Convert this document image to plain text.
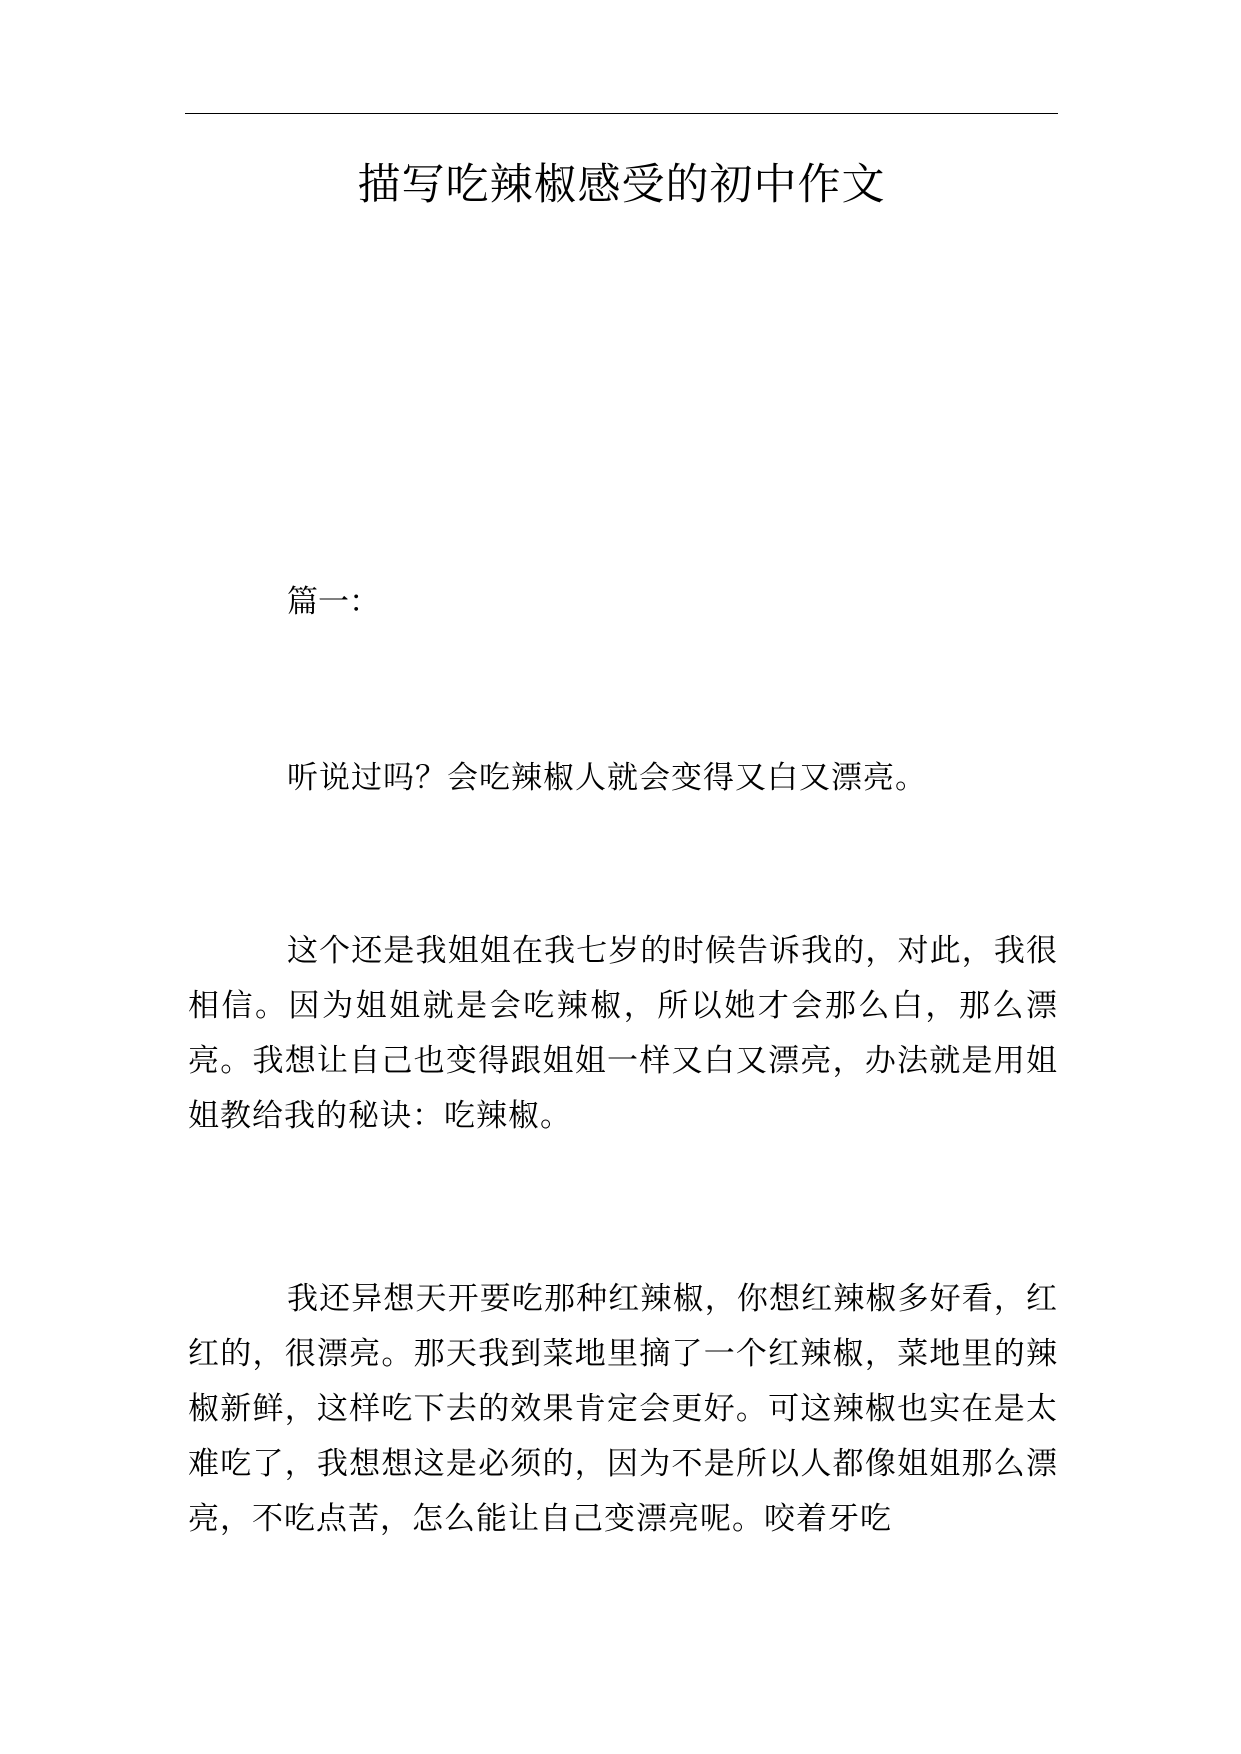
描写吃辣椒感受的初中作文

篇一：

听说过吗？会吃辣椒人就会变得又白又漂亮。

这个还是我姐姐在我七岁的时候告诉我的，对此，我很相信。因为姐姐就是会吃辣椒，所以她才会那么白，那么漂亮。我想让自己也变得跟姐姐一样又白又漂亮，办法就是用姐姐教给我的秘诀：吃辣椒。

我还异想天开要吃那种红辣椒，你想红辣椒多好看，红红的，很漂亮。那天我到菜地里摘了一个红辣椒，菜地里的辣椒新鲜，这样吃下去的效果肯定会更好。可这辣椒也实在是太难吃了，我想想这是必须的，因为不是所以人都像姐姐那么漂亮，不吃点苦，怎么能让自己变漂亮呢。咬着牙吃
